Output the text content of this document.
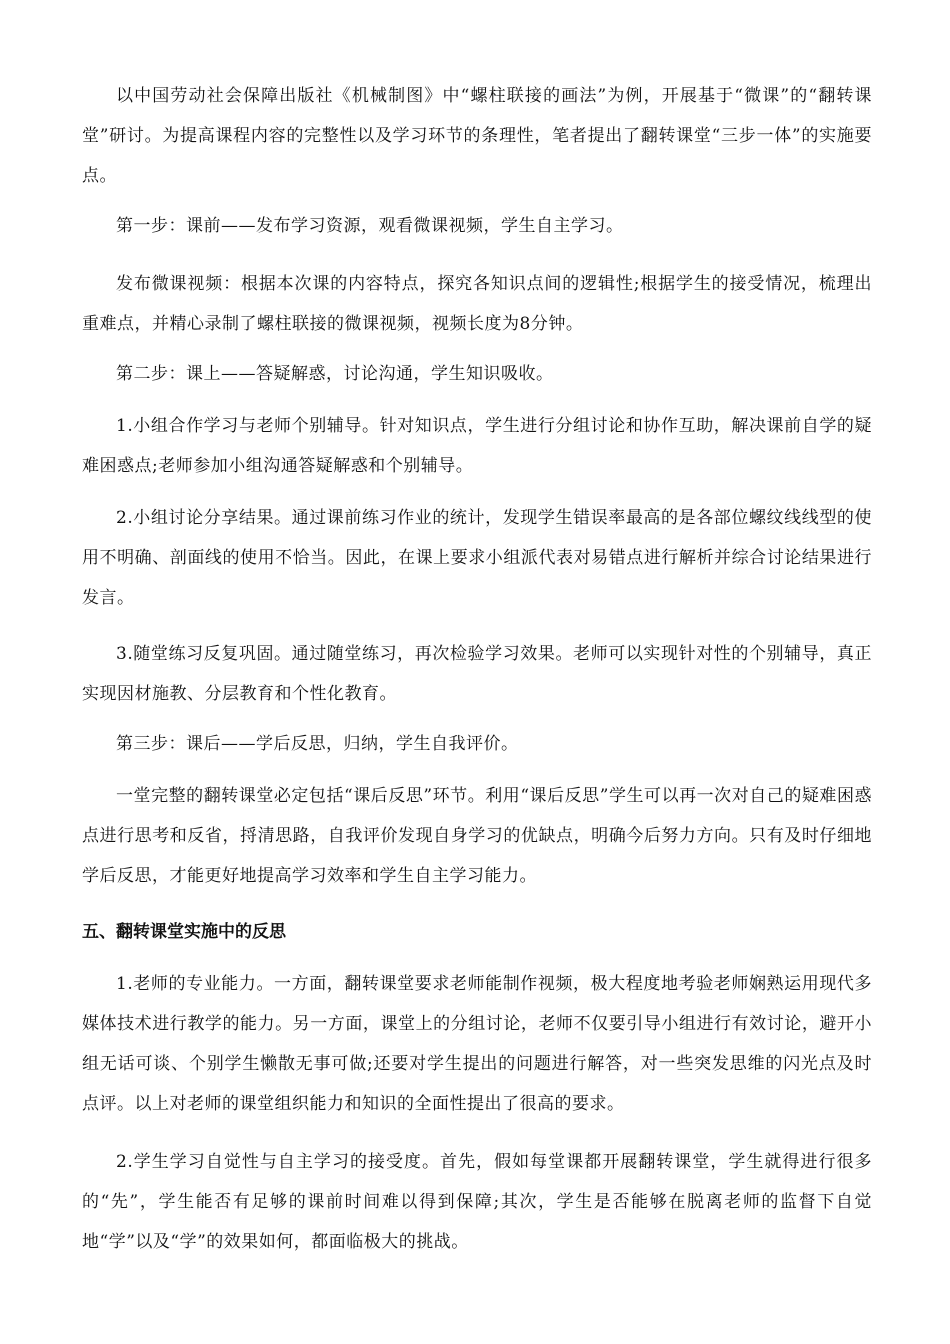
以中国劳动社会保障出版社《机械制图》中“螺柱联接的画法”为例，开展基于“微课”的“翻转课堂”研讨。为提高课程内容的完整性以及学习环节的条理性，笔者提出了翻转课堂“三步一体”的实施要点。

第一步：课前——发布学习资源，观看微课视频，学生自主学习。

发布微课视频：根据本次课的内容特点，探究各知识点间的逻辑性;根据学生的接受情况，梳理出重难点，并精心录制了螺柱联接的微课视频，视频长度为8分钟。

第二步：课上——答疑解惑，讨论沟通，学生知识吸收。

1.小组合作学习与老师个别辅导。针对知识点，学生进行分组讨论和协作互助，解决课前自学的疑难困惑点;老师参加小组沟通答疑解惑和个别辅导。

2.小组讨论分享结果。通过课前练习作业的统计，发现学生错误率最高的是各部位螺纹线线型的使用不明确、剖面线的使用不恰当。因此，在课上要求小组派代表对易错点进行解析并综合讨论结果进行发言。

3.随堂练习反复巩固。通过随堂练习，再次检验学习效果。老师可以实现针对性的个别辅导，真正实现因材施教、分层教育和个性化教育。

第三步：课后——学后反思，归纳，学生自我评价。

一堂完整的翻转课堂必定包括“课后反思”环节。利用“课后反思”学生可以再一次对自己的疑难困惑点进行思考和反省，捋清思路，自我评价发现自身学习的优缺点，明确今后努力方向。只有及时仔细地学后反思，才能更好地提高学习效率和学生自主学习能力。

五、翻转课堂实施中的反思

1.老师的专业能力。一方面，翻转课堂要求老师能制作视频，极大程度地考验老师娴熟运用现代多媒体技术进行教学的能力。另一方面，课堂上的分组讨论，老师不仅要引导小组进行有效讨论，避开小组无话可谈、个别学生懒散无事可做;还要对学生提出的问题进行解答，对一些突发思维的闪光点及时点评。以上对老师的课堂组织能力和知识的全面性提出了很高的要求。

2.学生学习自觉性与自主学习的接受度。首先，假如每堂课都开展翻转课堂，学生就得进行很多的“先”，学生能否有足够的课前时间难以得到保障;其次，学生是否能够在脱离老师的监督下自觉地“学”以及“学”的效果如何，都面临极大的挑战。
